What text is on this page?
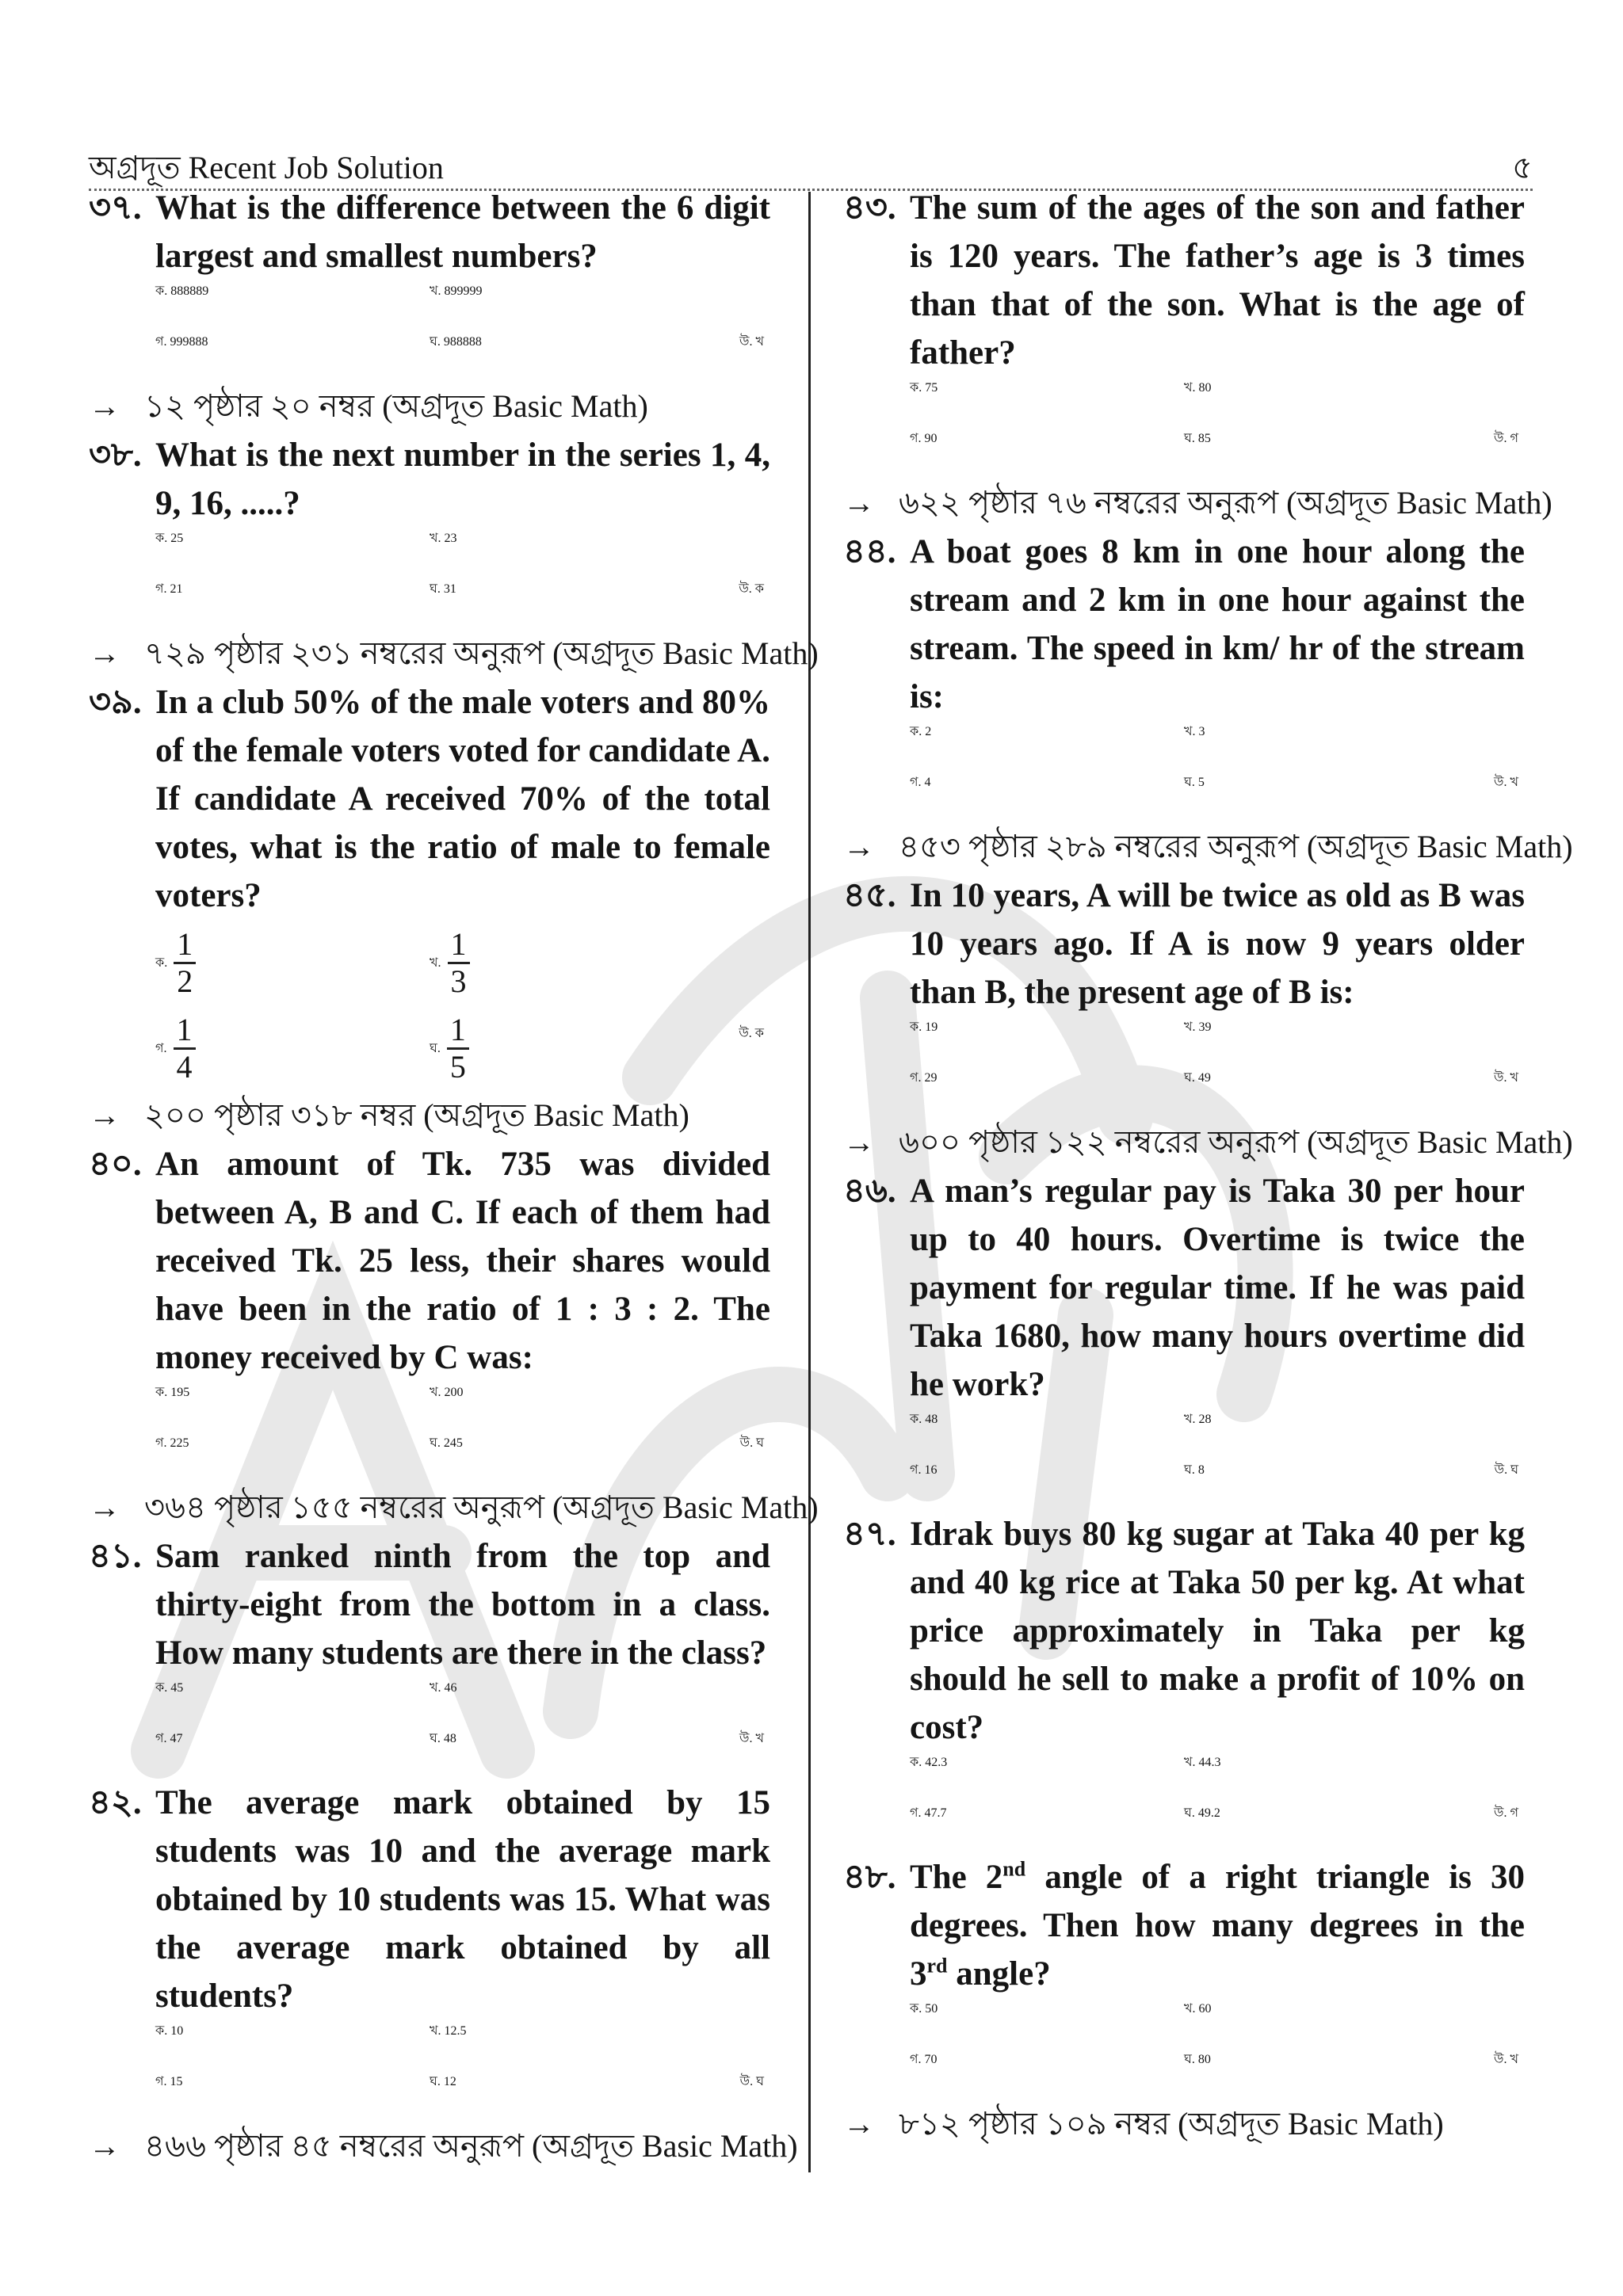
অগ্রদূত Recent Job Solution	৫
৩৭. What is the difference between the 6 digit largest and smallest numbers?
ক. 888889	খ. 899999
গ. 999888	ঘ. 988888	উ. খ
→ ১২ পৃষ্ঠার ২০ নম্বর (অগ্রদূত Basic Math)
৩৮. What is the next number in the series 1, 4, 9, 16, .....?
ক. 25	খ. 23
গ. 21	ঘ. 31	উ. ক
→ ৭২৯ পৃষ্ঠার ২৩১ নম্বরের অনুরূপ (অগ্রদূত Basic Math)
৩৯. In a club 50% of the male voters and 80% of the female voters voted for candidate A. If candidate A received 70% of the total votes, what is the ratio of male to female voters?
ক. $\frac{1}{2}$	খ. $\frac{1}{3}$
গ. $\frac{1}{4}$	ঘ. $\frac{1}{5}$	উ. ক
→ ২০০ পৃষ্ঠার ৩১৮ নম্বর (অগ্রদূত Basic Math)
৪০. An amount of Tk. 735 was divided between A, B and C. If each of them had received Tk. 25 less, their shares would have been in the ratio of 1 : 3 : 2. The money received by C was:
ক. 195	খ. 200
গ. 225	ঘ. 245	উ. ঘ
→ ৩৬৪ পৃষ্ঠার ১৫৫ নম্বরের অনুরূপ (অগ্রদূত Basic Math)
৪১. Sam ranked ninth from the top and thirty-eight from the bottom in a class. How many students are there in the class?
ক. 45	খ. 46
গ. 47	ঘ. 48	উ. খ
৪২. The average mark obtained by 15 students was 10 and the average mark obtained by 10 students was 15. What was the average mark obtained by all students?
ক. 10	খ. 12.5
গ. 15	ঘ. 12	উ. ঘ
→ ৪৬৬ পৃষ্ঠার ৪৫ নম্বরের অনুরূপ (অগ্রদূত Basic Math)
৪৩. The sum of the ages of the son and father is 120 years. The father’s age is 3 times than that of the son. What is the age of father?
ক. 75	খ. 80
গ. 90	ঘ. 85	উ. গ
→ ৬২২ পৃষ্ঠার ৭৬ নম্বরের অনুরূপ (অগ্রদূত Basic Math)
৪৪. A boat goes 8 km in one hour along the stream and 2 km in one hour against the stream. The speed in km/ hr of the stream is:
ক. 2	খ. 3
গ. 4	ঘ. 5	উ. খ
→ ৪৫৩ পৃষ্ঠার ২৮৯ নম্বরের অনুরূপ (অগ্রদূত Basic Math)
৪৫. In 10 years, A will be twice as old as B was 10 years ago. If A is now 9 years older than B, the present age of B is:
ক. 19	খ. 39
গ. 29	ঘ. 49	উ. খ
→ ৬০০ পৃষ্ঠার ১২২ নম্বরের অনুরূপ (অগ্রদূত Basic Math)
৪৬. A man’s regular pay is Taka 30 per hour up to 40 hours. Overtime is twice the payment for regular time. If he was paid Taka 1680, how many hours overtime did he work?
ক. 48	খ. 28
গ. 16	ঘ. 8	উ. ঘ
৪৭. Idrak buys 80 kg sugar at Taka 40 per kg and 40 kg rice at Taka 50 per kg. At what price approximately in Taka per kg should he sell to make a profit of 10% on cost?
ক. 42.3	খ. 44.3
গ. 47.7	ঘ. 49.2	উ. গ
৪৮. The 2nd angle of a right triangle is 30 degrees. Then how many degrees in the 3rd angle?
ক. 50	খ. 60
গ. 70	ঘ. 80	উ. খ
→ ৮১২ পৃষ্ঠার ১০৯ নম্বর (অগ্রদূত Basic Math)
